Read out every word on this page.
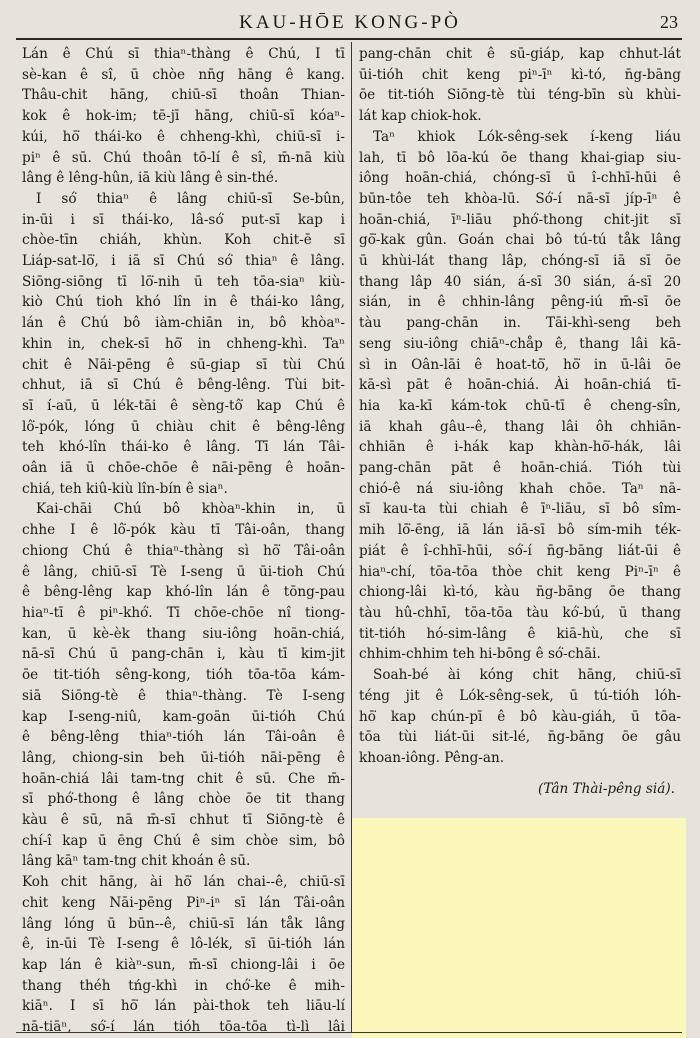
KAU-HŌE KONG-PÒ	23
Lán ê Chú sī thiaⁿ-thàng ê Chú, I tī
sè-kan ê sî, ū chòe nn̄g hāng ê kang.
Thâu-chit hāng, chiū-sī thoân Thian-
kok ê hok-im; tē-jī hāng, chiū-sī kóaⁿ-
kúi, hō͘ thái-ko ê chheng-khì, chiū-sī i-
piⁿ ê sū. Chú thoân tō-lí ê sî, m̄-nā kiù
lâng ê lêng-hûn, iā kiù lâng ê sin-thé.
I só͘ thiaⁿ ê lâng chiū-sī Se-bûn,
in-ūi i sī thái-ko, lâ-só͘ put-sī kap i
chòe-tīn chiáh, khùn. Koh chit-ē sī
Liáp-sat-lō͘, i iā sī Chú só͘ thiaⁿ ê lâng.
Siōng-siōng tī lō͘-nih ū teh tōa-siaⁿ kiù-
kiò Chú tioh khó lîn in ê thái-ko lâng,
lán ê Chú bô iàm-chiān in, bô khòaⁿ-
khin in, chek-sī hō͘ in chheng-khì. Taⁿ
chit ê Nāi-pēng ê sū-giap sī tùi Chú
chhut, iā sī Chú ê bêng-lêng. Tùi bit-
sī í-aū, ū lék-tāi ê sèng-tô͘ kap Chú ê
lô͘-pók, lóng ū chiàu chit ê bêng-lêng
teh khó-lîn thái-ko ê lâng. Tī lán Tâi-
oân iā ū chōe-chōe ê nāi-pēng ê hoān-
chiá, teh kiû-kiù lîn-bín ê siaⁿ.
Kai-chāi Chú bô khòaⁿ-khin in, ū
chhe I ê lô͘-pók kàu tī Tâi-oân, thang
chiong Chú ê thiaⁿ-thàng sì hō͘ Tâi-oân
ê lâng, chiū-sī Tè I-seng ū ūi-tioh Chú
ê bêng-lêng kap khó-lîn lán ê tōng-pau
hiaⁿ-tī ê piⁿ-khó͘. Tī chōe-chōe nî tiong-
kan, ū kè-èk thang siu-iông hoān-chiá,
nā-sī Chú ū pang-chān i, kàu tī kim-jit
ōe tit-tióh sêng-kong, tióh tōa-tōa kám-
siā Siōng-tè ê thiaⁿ-thàng. Tè I-seng
kap I-seng-niû, kam-goān ūi-tióh Chú
ê bêng-lêng thiaⁿ-tióh lán Tâi-oân ê
lâng, chiong-sin beh ūi-tióh nāi-pēng ê
hoān-chiá lâi tam-tng chit ê sū. Che m̄-
sī phó͘-thong ê lâng chòe ōe tit thang
kàu ê sū, nā m̄-sī chhut tī Siōng-tè ê
chí-î kap ū ēng Chú ê sim chòe sim, bô
lâng kāⁿ tam-tng chit khoán ê sū.
Koh chit hāng, ài hō͘ lán chai--ê, chiū-sī
chit keng Nāi-pēng Piⁿ-iⁿ sī lán Tâi-oân
lâng lóng ū būn--ê, chiū-sī lán tåk lâng
ê, in-ūi Tè I-seng ê lô-lék, sī ūi-tióh lán
kap lán ê kiàⁿ-sun, m̄-sī chiong-lâi i ōe
thang théh tńg-khì in chó͘-ke ê mih-
kiāⁿ. I sī hō͘ lán pài-thok teh liāu-lí
nā-tiāⁿ, só͘-í lán tióh tōa-tōa tì-lì lâi
pang-chān chit ê sū-giáp, kap chhut-lát
ūi-tióh chit keng piⁿ-īⁿ kì-tó, n̄g-bāng
ōe tit-tióh Siōng-tè tùi téng-bīn sù khùi-
lát kap chiok-hok.
Taⁿ khiok Lók-sêng-sek í-keng liáu
lah, tī bô lōa-kú ōe thang khai-giap siu-
iông hoān-chiá, chóng-sī ū î-chhī-hūi ê
būn-tôe teh khòa-lū. Só͘-í nā-sī jíp-īⁿ ê
hoān-chiá, īⁿ-liāu phó͘-thong chit-jit sī
gō͘-kak gûn. Goán chai bô tú-tú tåk lâng
ū khùi-lát thang lâp, chóng-sī iā sī ōe
thang lâp 40 sián, á-sī 30 sián, á-sī 20
sián, in ê chhin-lâng pêng-iú m̄-sī ōe
tàu pang-chān in. Tāi-khì-seng beh
seng siu-iông chiāⁿ-chåp ê, thang lâi kā-
sì in Oân-lāi ê hoat-tō͘, hō͘ in ū-lâi ōe
kā-sì pāt ê hoān-chiá. Ài hoān-chiá tī-
hia ka-kī kám-tok chū-tī ê cheng-sîn,
iā khah gâu--ê, thang lâi ôh chhiān-
chhiān ê i-hák kap khàn-hō͘-hák, lâi
pang-chān pāt ê hoān-chiá. Tióh tùi
chió-ê ná siu-iông khah chōe. Taⁿ nā-
sī kau-ta tùi chiah ê īⁿ-liāu, sī bô sîm-
mih lō͘-ēng, iā lán iā-sī bô sím-mih ték-
piát ê î-chhī-hūi, só͘-í n̄g-bāng liát-ūi ê
hiaⁿ-chí, tōa-tōa thòe chit keng Piⁿ-īⁿ ê
chiong-lâi kì-tó, kàu n̄g-bāng ōe thang
tàu hû-chhī, tōa-tōa tàu kó͘-bú, ū thang
tit-tióh hó-sim-lâng ê kiā-hù, che sī
chhim-chhim teh hi-bōng ê só͘-chāi.
Soah-bé ài kóng chit hāng, chiū-sī
téng jit ê Lók-sêng-sek, ū tú-tióh lóh-
hō͘ kap chún-pī ê bô kàu-giáh, ū tōa-
tōa tùi liát-ūi sit-lé, n̄g-bāng ōe gâu
khoan-iông. Pêng-an.
(Tân Thài-pêng siá).
